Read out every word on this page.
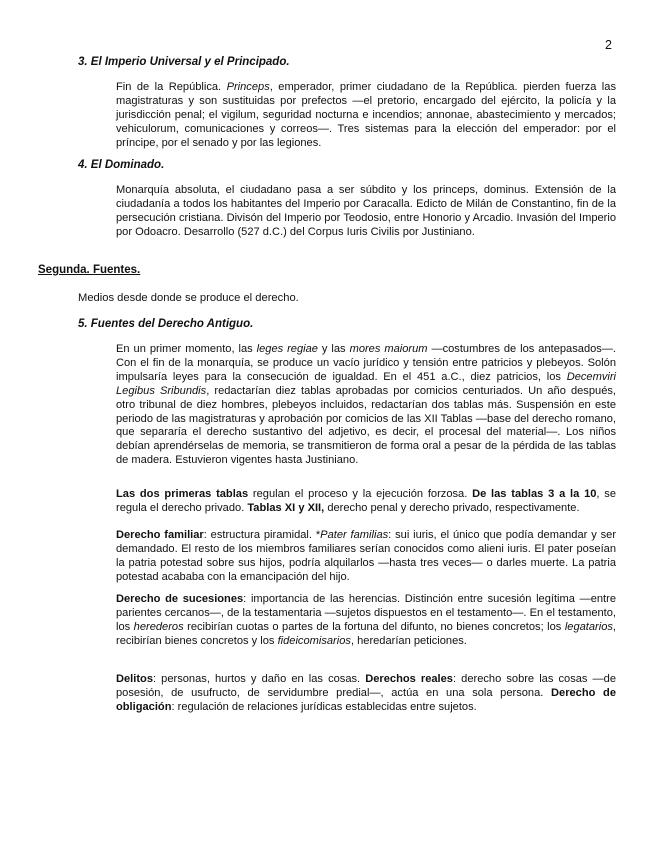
2
3. El Imperio Universal y el Principado.
Fin de la República. Princeps, emperador, primer ciudadano de la República. pierden fuerza las magistraturas y son sustituidas por prefectos —el pretorio, encargado del ejército, la policía y la jurisdicción penal; el vigilum, seguridad nocturna e incendios; annonae, abastecimiento y mercados; vehiculorum, comunicaciones y correos—. Tres sistemas para la elección del emperador: por el príncipe, por el senado y por las legiones.
4. El Dominado.
Monarquía absoluta, el ciudadano pasa a ser súbdito y los princeps, dominus. Extensión de la ciudadanía a todos los habitantes del Imperio por Caracalla. Edicto de Milán de Constantino, fin de la persecución cristiana. Divisón del Imperio por Teodosio, entre Honorio y Arcadio. Invasión del Imperio por Odoacro. Desarrollo (527 d.C.) del Corpus Iuris Civilis por Justiniano.
Segunda. Fuentes.
Medios desde donde se produce el derecho.
5. Fuentes del Derecho Antiguo.
En un primer momento, las leges regiae y las mores maiorum —costumbres de los antepasados—. Con el fin de la monarquía, se produce un vacío jurídico y tensión entre patricios y plebeyos. Solón impulsaría leyes para la consecución de igualdad. En el 451 a.C., diez patricios, los Decemviri Legibus Sribundis, redactarían diez tablas aprobadas por comicios centuriados. Un año después, otro tribunal de diez hombres, plebeyos incluidos, redactarían dos tablas más. Suspensión en este periodo de las magistraturas y aprobación por comicios de las XII Tablas —base del derecho romano, que separaría el derecho sustantivo del adjetivo, es decir, el procesal del material—. Los niños debían aprendérselas de memoria, se transmitieron de forma oral a pesar de la pérdida de las tablas de madera. Estuvieron vigentes hasta Justiniano.
Las dos primeras tablas regulan el proceso y la ejecución forzosa. De las tablas 3 a la 10, se regula el derecho privado. Tablas XI y XII, derecho penal y derecho privado, respectivamente.
Derecho familiar: estructura piramidal. *Pater familias: sui iuris, el único que podía demandar y ser demandado. El resto de los miembros familiares serían conocidos como alieni iuris. El pater poseían la patria potestad sobre sus hijos, podría alquilarlos —hasta tres veces— o darles muerte. La patria potestad acababa con la emancipación del hijo.
Derecho de sucesiones: importancia de las herencias. Distinción entre sucesión legítima —entre parientes cercanos—, de la testamentaria —sujetos dispuestos en el testamento—. En el testamento, los herederos recibirían cuotas o partes de la fortuna del difunto, no bienes concretos; los legatarios, recibirían bienes concretos y los fideicomisarios, heredarían peticiones.
Delitos: personas, hurtos y daño en las cosas. Derechos reales: derecho sobre las cosas —de posesión, de usufructo, de servidumbre predial—, actúa en una sola persona. Derecho de obligación: regulación de relaciones jurídicas establecidas entre sujetos.
